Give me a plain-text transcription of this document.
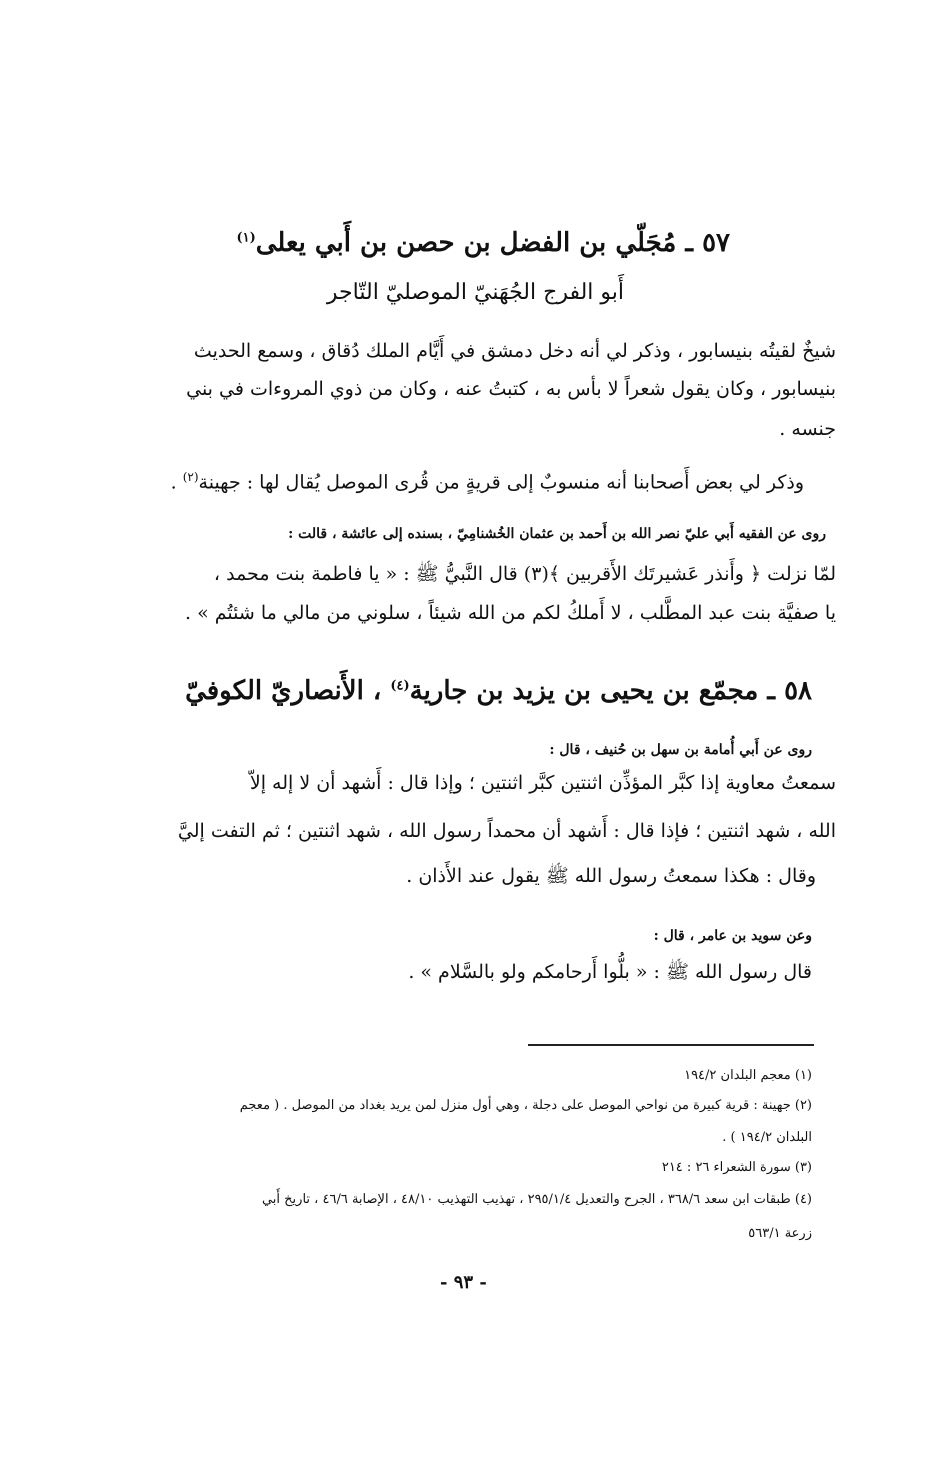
٥٧ ـ مُجَلّي بن الفضل بن حصن بن أَبي يعلى$^{(١)}$

أَبو الفرج الجُهَنيّ الموصليّ التّاجر

شيخٌ لقيتُه بنيسابور ، وذكر لي أنه دخل دمشق في أَيَّام الملك دُقاق ، وسمع الحديث

بنيسابور ، وكان يقول شعراً لا بأس به ، كتبتُ عنه ، وكان من ذوي المروءات في بني

جنسه .

وذكر لي بعض أَصحابنا أنه منسوبٌ إلى قريةٍ من قُرى الموصل يُقال لها : جهينة$^{(٢)}$ .

روى عن الفقيه أَبي عليّ نصر الله بن أَحمد بن عثمان الخُشنامِيّ ، بسنده إلى عائشة ، قالت :

لمّا نزلت ﴿ وأَنذر عَشيرتَك الأَقربين ﴾(٣) قال النَّبيُّ ﷺ : « يا فاطمة بنت محمد ،

يا صفيَّة بنت عبد المطَّلب ، لا أَملكُ لكم من الله شيئاً ، سلوني من مالي ما شئتُم » .

٥٨ ـ مجمّع بن يحيى بن يزيد بن جارية$^{(٤)}$ ، الأَنصاريّ الكوفيّ

روى عن أَبي أُمامة بن سهل بن حُنيف ، قال :

سمعتُ معاوية إذا كبَّر المؤذِّن اثنتين كبَّر اثنتين ؛ وإذا قال : أَشهد أن لا إله إلاّ

الله ، شهد اثنتين ؛ فإذا قال : أَشهد أن محمداً رسول الله ، شهد اثنتين ؛ ثم التفت إليَّ

وقال : هكذا سمعتُ رسول الله ﷺ يقول عند الأَذان .

وعن سويد بن عامر ، قال :

قال رسول الله ﷺ : « بلُّوا أَرحامكم ولو بالسَّلام » .

(١) معجم البلدان ١٩٤/٢

(٢) جهينة : قرية كبيرة من نواحي الموصل على دجلة ، وهي أول منزل لمن يريد بغداد من الموصل . ( معجم

البلدان ١٩٤/٢ ) .

(٣) سورة الشعراء ٢٦ : ٢١٤

(٤) طبقات ابن سعد ٣٦٨/٦ ، الجرح والتعديل ٢٩٥/١/٤ ، تهذيب التهذيب ٤٨/١٠ ، الإصابة ٤٦/٦ ، تاريخ أَبي

زرعة ٥٦٣/١

- ٩٣ -
